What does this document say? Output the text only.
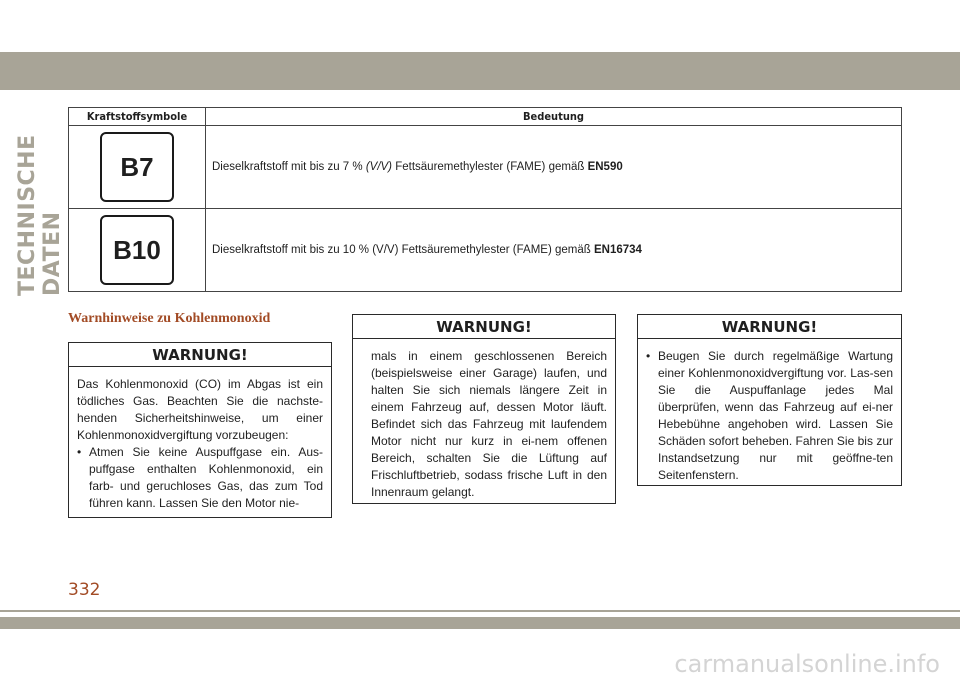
TECHNISCHE DATEN
Kraftstoffsymbole	Bedeutung
B7	Dieselkraftstoff mit bis zu 7 % (V/V) Fettsäuremethylester (FAME) gemäß EN590
B10	Dieselkraftstoff mit bis zu 10 % (V/V) Fettsäuremethylester (FAME) gemäß EN16734
Warnhinweise zu Kohlenmonoxid
WARNUNG!

Das Kohlenmonoxid (CO) im Abgas ist ein tödliches Gas. Beachten Sie die nachste-henden Sicherheitshinweise, um einer Kohlenmonoxidvergiftung vorzubeugen:

• Atmen Sie keine Auspuffgase ein. Aus-puffgase enthalten Kohlenmonoxid, ein farb- und geruchloses Gas, das zum Tod führen kann. Lassen Sie den Motor nie-
WARNUNG!

mals in einem geschlossenen Bereich (beispielsweise einer Garage) laufen, und halten Sie sich niemals längere Zeit in einem Fahrzeug auf, dessen Motor läuft. Befindet sich das Fahrzeug mit laufendem Motor nicht nur kurz in ei-nem offenen Bereich, schalten Sie die Lüftung auf Frischluftbetrieb, sodass frische Luft in den Innenraum gelangt.

WARNUNG!
• Beugen Sie durch regelmäßige Wartung einer Kohlenmonoxidvergiftung vor. Las-sen Sie die Auspuffanlage jedes Mal überprüfen, wenn das Fahrzeug auf ei-ner Hebebühne angehoben wird. Lassen Sie Schäden sofort beheben. Fahren Sie bis zur Instandsetzung nur mit geöffne-ten Seitenfenstern.
332
carmanualsonline.info
